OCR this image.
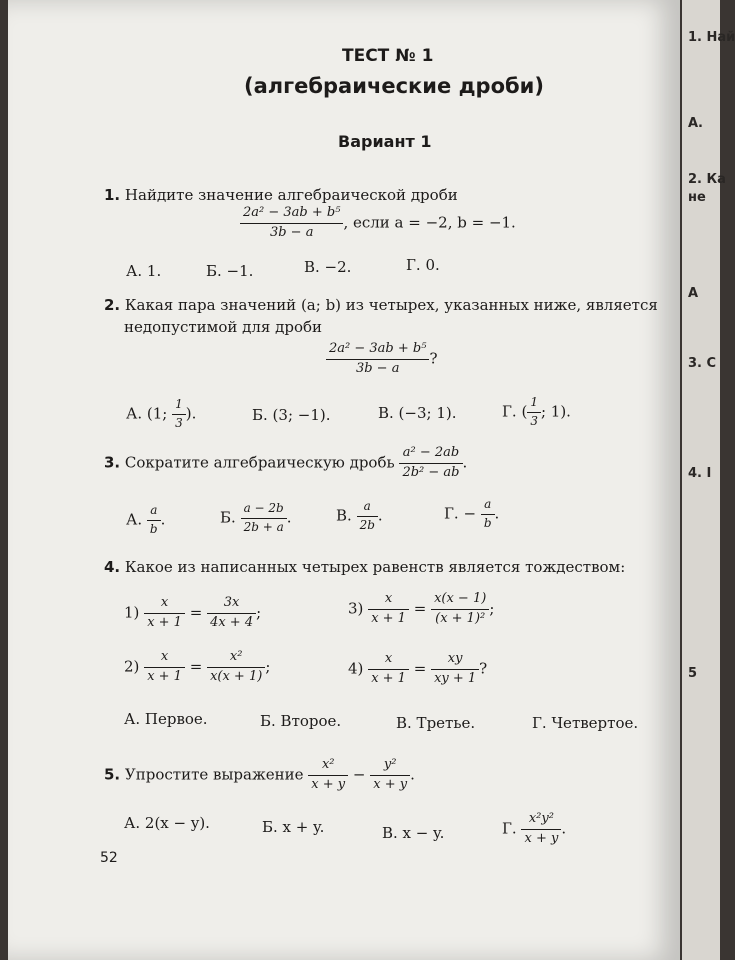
ТЕСТ № 1
(алгебраические дроби)
Вариант 1
1. Найдите значение алгебраической дроби
$\frac{\text{2a² − 3ab + b⁵}}{3b - a}$ , если a = −2, b = −1.
А. 1.	Б. −1.	В. −2.	Г. 0.
2. Какая пара значений (a; b) из четырех, указанных ниже, является
недопустимой для дроби
$\frac{\text{2a² − 3ab + b⁵}}{3b - a}$ ?
А. (1; $\frac{1}{3}$ ).	Б. (3; −1).	В. (−3; 1).	Г. ( $\frac{1}{3}$ ; 1).
3. Сократите алгебраическую дробь $\frac{\text{a² − 2ab}}{\text{2b² − ab}}$ .
А. $\frac{a}{b}$ .	Б. $\frac{a - 2b}{2b + a}$ .	В. $\frac{a}{2b}$ .	Г. − $\frac{a}{b}$ .
4. Какое из написанных четырех равенств является тождеством:
$1) \frac{x}{x + 1} = \frac{3x}{4x + 4}$ ;	$3) \frac{x}{x + 1} = \frac{x(x - 1)}{\text{(x + 1)²}}$ ;
$2) \frac{x}{x + 1} = \frac{\text{x²}}{x(x + 1)}$ ;	$4) \frac{x}{x + 1} = \frac{xy}{xy + 1}$ ?
А. Первое.	Б. Второе.	В. Третье.	Г. Четвертое.
5. Упростите выражение $\frac{\text{x²}}{x + y} - \frac{\text{y²}}{x + y}$ .
А. 2(x − y).	Б. x + y.	В. x − y.	Г. $\frac{\text{x²y²}}{x + y}$ .
52
1. Най
А.
2. Ка
не
А
3. С
4. I
5
